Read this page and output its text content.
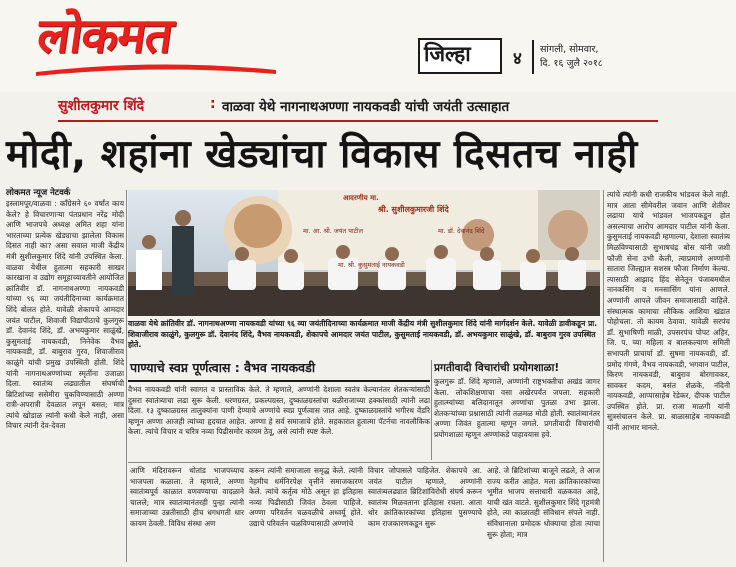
लोकमत	जिल्हा ४ सांगली, सोमवार,
दि. १६ जुलै २०१८
सुशीलकुमार शिंदे	: वाळवा येथे नागनाथअण्णा नायकवडी यांची जयंती उत्साहात
मोदी, शहांना खेड्यांचा विकास दिसतच नाही
लोकमत न्यूज नेटवर्क
इस्लामपूर/वाळवा : काँग्रेसने ६० वर्षांत काय केले? हे विचारणाऱ्या पंतप्रधान नरेंद्र मोदी आणि भाजपचे अध्यक्ष अमित शहा यांना भारताच्या प्रत्येक खेड्याचा झालेला विकास दिसत नाही का? असा सवाल माजी केंद्रीय मंत्री सुशीलकुमार शिंदे यांनी उपस्थित केला. वाळवा येथील हुतात्मा सहकारी साखर कारखाना व उद्योग समूहाच्यावतीने आयोजित क्रांतिवीर डॉ. नागनाथअण्णा नायकवडी यांच्या ९६ व्या जयंतीदिनाच्या कार्यक्रमात शिंदे बोलत होते. यावेळी शेकापचे आमदार जयंत पाटील, शिवाजी विद्यापीठाचे कुलगुरू डॉ. देवानंद शिंदे, डॉ. अभयकुमार साळुंखे, कुसुमताई नायकवडी, निनेवेक वैभव नायकवडी, डॉ. बाबुराव गुरव, शिवाजीराव काळुंगे यांची प्रमुख उपस्थिती होती. शिंदे यांनी नागनाथअण्णांच्या स्मृतींना उजाळा दिला. स्वातंत्र्य लढ्यातील संघर्षाची ब्रिटिशांच्या ससेमीरा चुकविण्यासाठी अण्णा रात्री-अपरात्री देवळात लपून बसत; मात्र त्यांचे खोडाळ त्यांनी कधी केले नाही, असा विचार त्यांनी देव-देवता
आदरणीय मा.
श्री. सुशीलकुमारजी शिंदे
मा. आ. श्री. जयंत पाटील	मा. डॉ. देवानंद शिंदे
मा. श्री. कुसुमताई नायकवडी
वाळवा येथे क्रांतिवीर डॉ. नागनाथअण्णा नायकवडी यांच्या ९६ व्या जयंतीदिनाच्या कार्यक्रमात माजी केंद्रीय मंत्री सुशीलकुमार शिंदे यांनी मार्गदर्शन केले. यावेळी डावीकडून प्रा. शिवाजीराव काळुंगे, कुलगुरू डॉ. देवानंद शिंदे, वैभव नायकवडी, शेकापचे आमदार जयंत पाटील, कुसुमताई नायकवडी, डॉ. अभयकुमार साळुंखे, डॉ. बाबुराव गुरव उपस्थित होते.
पाण्याचे स्वप्न पूर्णत्वास : वैभव नायकवडी
वैभव नायकवडी यांनी स्वागत व प्रास्ताविक केले. ते म्हणाले, अण्णांनी देशाला स्वतंत्र केल्यानंतर शेतकऱ्यांसाठी दुसरा स्वातंत्र्याचा लढा सुरू केली. धरणग्रस्त, प्रकल्पग्रस्त, दुष्काळग्रस्तांचा बळीराजाच्या हक्कांसाठी त्यांनी लढा दिला. १३ दुष्काळग्रस्त तालुक्यांना पाणी देण्याचे अण्णांचे स्वप्न पूर्णत्वास जात आहे. दुष्काळग्रस्तांचे भगीरथ वेंडरि म्हणून अण्णा आजही त्यांच्या हृदयात आहेत. अण्णा हे सर्व समाजाचे होते. सहकारात हुतात्मा पॅटर्नचा नावलौकिक केला. त्यांचे विचार व चरित्र नव्या पिढीसमोर कायम ठेवू, असे त्यांनी स्पष्ट केले.
प्रगतीवादी विचारांची प्रयोगशाळा!
कुलगुरू डॉ. शिंदे म्हणाले, अण्णांनी राष्ट्रभक्तीचा अखंड जागर केला. लोकशिक्षणाचा वसा अखेरपर्यंत जपला. सहकारी हुतात्म्यांच्या बलिदानातून अण्णांचा पुतळा उभा झाला. शेतकऱ्यांच्या प्रश्नासाठी त्यांनी तळमळ मोठी होती. स्वातंत्र्यानंतर अण्णा जिवंत हुतात्मा म्हणून जगले. प्रगतीवादी विचारांची प्रयोगशाळा म्हणून अण्णांकडे पाहावयास हवे.
आणि मंदिरावरून थोतांड भाजपच्याच भाजपला कळाला. ते म्हणाले, अण्णा स्वातंत्र्यपूर्व काळात वणवण्याचा वादळाने चालले; मात्र स्वातंत्र्यानंतरही पुन्हा त्यांनी समाजाच्या उन्नतीसाठी हीच धगधगती धार कायम ठेवली. विविध संस्था अण
करून त्यांनी समाजाला समृद्ध केले. त्यांनी नेहमीच धर्मनिरपेक्ष वृत्तीने समाजकारण केले. त्यांचे कर्तृत्व मोठे असून हा इतिहास नव्या पिढीसाठी जिवंत ठेवला पाहिजे. अण्णा परिवर्तन चळवळीचे अध्वर्यू होते. उद्याचे परिवर्तन चळविण्यासाठी अण्णांचे
विचार जोपासले पाहिजेत. शेकापचे आ. जयंत पाटील म्हणाले, अण्णांनी स्वातंत्र्यलढ्यात ब्रिटिशांविरोधी संघर्ष करून स्वातंत्र्य मिळवताना इतिहास रचला. आता थोर क्रांतिकारकांच्या इतिहास पुसण्याचे काम राजकारणकडून सुरू
आहे. जे ब्रिटिशांच्या बाजूने लढले, ते आज राज्य करीत आहेत. मला क्रांतिकारकांच्या भूमीत भाजप सत्ताधारी वळकवत आहे, याची खंत वाटते. सुशीलकुमार शिंदे गृहमंत्री होते, त्या काळातही संविधान संपले नाही. संविधानाला प्रमोदक धोक्याचा होता त्याचा सुरू होता; मात्र
त्यांचे त्यांनी कधी राजकीय भांडवल केले नाही. मात्र आता सीमेवरील जवान आणि शेतीवर लढाया याचे भांडवल भाजपकडून होत असल्याचा आरोप आमदार पाटील यांनी केला. कुसुमताई नायकवडी म्हणाल्या, देशाला स्वातंत्र्य मिळविण्यासाठी सुभाषचंद्र बोस यांनी जशी फौजी सेना उभी केली, त्याप्रमाणे अण्णांनी सातारा जिल्ह्यात सशस्त्र फौजा निर्माण केल्या. त्यासाठी आझाद हिंद सेनेतून पंजाबमधील नानकसिंग व मनसासिंग यांना आणले. अण्णांनी आपले जीवन समाजासाठी वाहिले. संस्थात्मक कामाचा लौकिक आशिया खंडात पोहोचला. तो कायम ठेवावा. यावेळी सरपंच डॉ. सुभाषिणी माळी, उपसरपंच पोपट अहिर, जि. प. च्या महिला व बालकल्याण समिती सभापती प्राचार्या डॉ. सुषमा नायकवडी, डॉ. प्रमोद गंगणे, वैभव नायकवडी, भगवान पाटील, किरण नायकवडी, बाबुराव बोरगावकर, सावकर कदम, बसंत शेळके, नंदिनी नायकवडी, आप्पासाहेब रेडेकर, दीपक पाटील उपस्थित होते. प्रा. राजा माळगी यांनी सूत्रसंचालन केले. प्रा. बाळासाहेब नायकवडी यांनी आभार मानले.
